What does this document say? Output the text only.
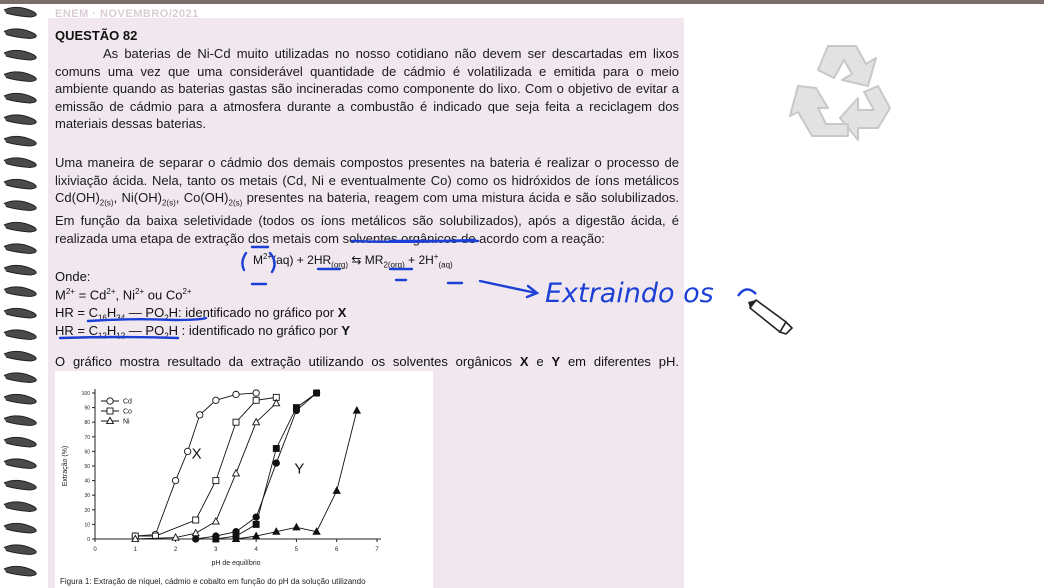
ENEM · NOVEMBRO/2021
QUESTÃO 82
As baterias de Ni-Cd muito utilizadas no nosso cotidiano não devem ser descartadas em lixos comuns uma vez que uma considerável quantidade de cádmio é volatilizada e emitida para o meio ambiente quando as baterias gastas são incineradas como componente do lixo. Com o objetivo de evitar a emissão de cádmio para a atmosfera durante a combustão é indicado que seja feita a reciclagem dos materiais dessas baterias.
Uma maneira de separar o cádmio dos demais compostos presentes na bateria é realizar o processo de lixiviação ácida. Nela, tanto os metais (Cd, Ni e eventualmente Co) como os hidróxidos de íons metálicos $Cd(OH)_{2(s)}$, $Ni(OH)_{2(s)}$, $Co(OH)_{2(s)}$ presentes na bateria, reagem com uma mistura ácida e são solubilizados. Em função da baixa seletividade (todos os íons metálicos são solubilizados), após a digestão ácida, é realizada uma etapa de extração dos metais com solventes orgânicos de acordo com a reação:
$M^{2+}(aq) + 2HR_{(org)}$ ⇆ $MR_{2(org)} + 2H^+_{(aq)}$
Onde:
$M^{2+} = Cd^{2+}$, $Ni^{2+}$ ou $Co^{2+}$
HR = $C_{16}H_{34}$ — $PO_2H$: identificado no gráfico por X
HR = $C_{12}H_{12}$ — $PO_2H$ : identificado no gráfico por Y
O gráfico mostra resultado da extração utilizando os solventes orgânicos X e Y em diferentes pH.
0
10
20
30
40
50
60
70
80
90
100
0	1	2	3	4	5	6	7
pH de equilíbrio
Extração (%)
Cd
Co
Ni
X
Y
Figura 1: Extração de níquel, cádmio e cobalto em função do pH da solução utilizando
Extraindo os
